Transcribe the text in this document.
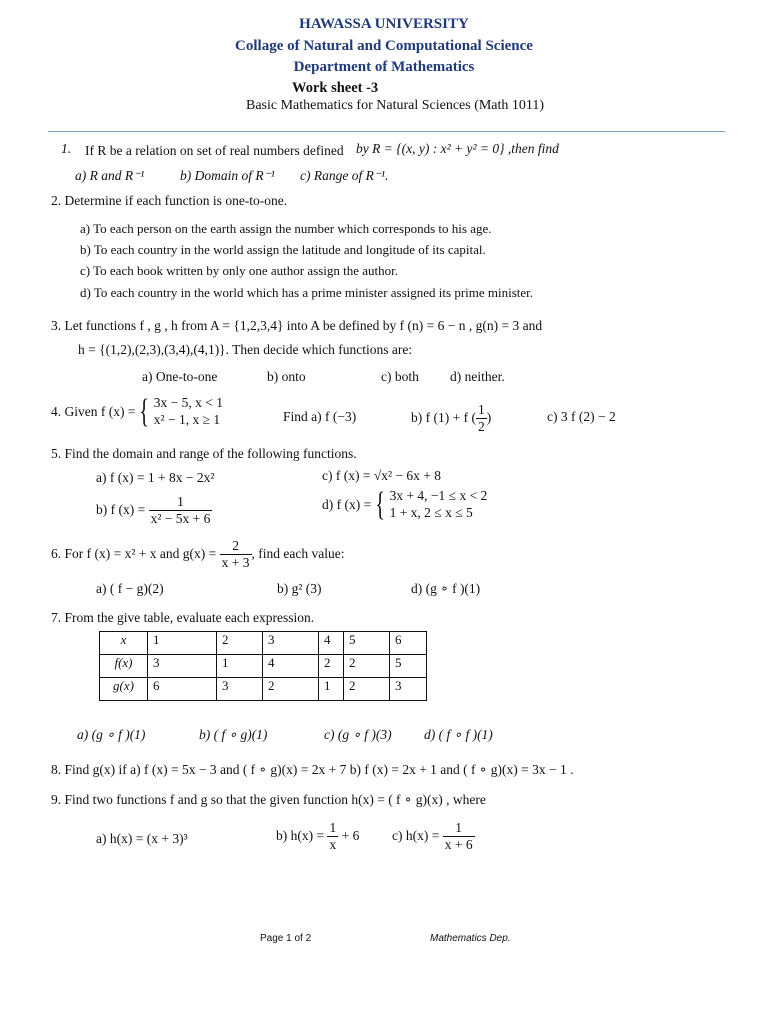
HAWASSA UNIVERSITY
Collage of Natural and Computational Science
Department of Mathematics
Work sheet -3
Basic Mathematics for Natural Sciences (Math 1011)
1. If R be a relation on set of real numbers defined by R = {(x, y) : x² + y² = 0} ,then find
a) R and R⁻¹	b) Domain of R⁻¹ c) Range of R⁻¹.
2. Determine if each function is one-to-one.
a) To each person on the earth assign the number which corresponds to his age.
b) To each country in the world assign the latitude and longitude of its capital.
c) To each book written by only one author assign the author.
d) To each country in the world which has a prime minister assigned its prime minister.
3. Let functions f , g , h from A = {1,2,3,4} into A be defined by f (n) = 6 − n , g(n) = 3 and
h = {(1,2),(2,3),(3,4),(4,1)}. Then decide which functions are:
a) One-to-one	b) onto	c) both d) neither.
4. Given f (x) = { 3x − 5, x < 1
x² − 1, x ≥ 1	Find a) f (−3)	b) f (1) + f ( $\frac{1}{2}$ )	c) 3 f (2) − 2
5. Find the domain and range of the following functions.
a) f (x) = 1 + 8x − 2x²
b) f $(x) = \frac{1}{\text{x² − 5x + 6}}$
c) f (x) = √x² − 6x + 8
d) f (x) = { 3x + 4, −1 ≤ x < 2
1 + x, 2 ≤ x ≤ 5
6. For f (x) = x² + x and $g(x) = \frac{2}{x + 3}$ , find each value:
a) ( f − g)(2)	b) g² (3)	d) (g ∘ f )(1)
7. From the give table, evaluate each expression.
x	1	2	3	4	5	6
f(x)	3	1	4	2	2	5
g(x)	6	3	2	1	2	3
a) (g ∘ f )(1)	b) ( f ∘ g)(1)	c) (g ∘ f )(3) d) ( f ∘ f )(1)
8. Find g(x) if a) f (x) = 5x − 3 and ( f ∘ g)(x) = 2x + 7 b) f (x) = 2x + 1 and ( f ∘ g)(x) = 3x − 1 .
9. Find two functions f and g so that the given function h(x) = ( f ∘ g)(x) , where
a) h(x) = (x + 3)³	b) $h(x) = \frac{1}{x} + 6$ c) $h(x) = \frac{1}{x + 6}$
Page 1 of 2	Mathematics Dep.
